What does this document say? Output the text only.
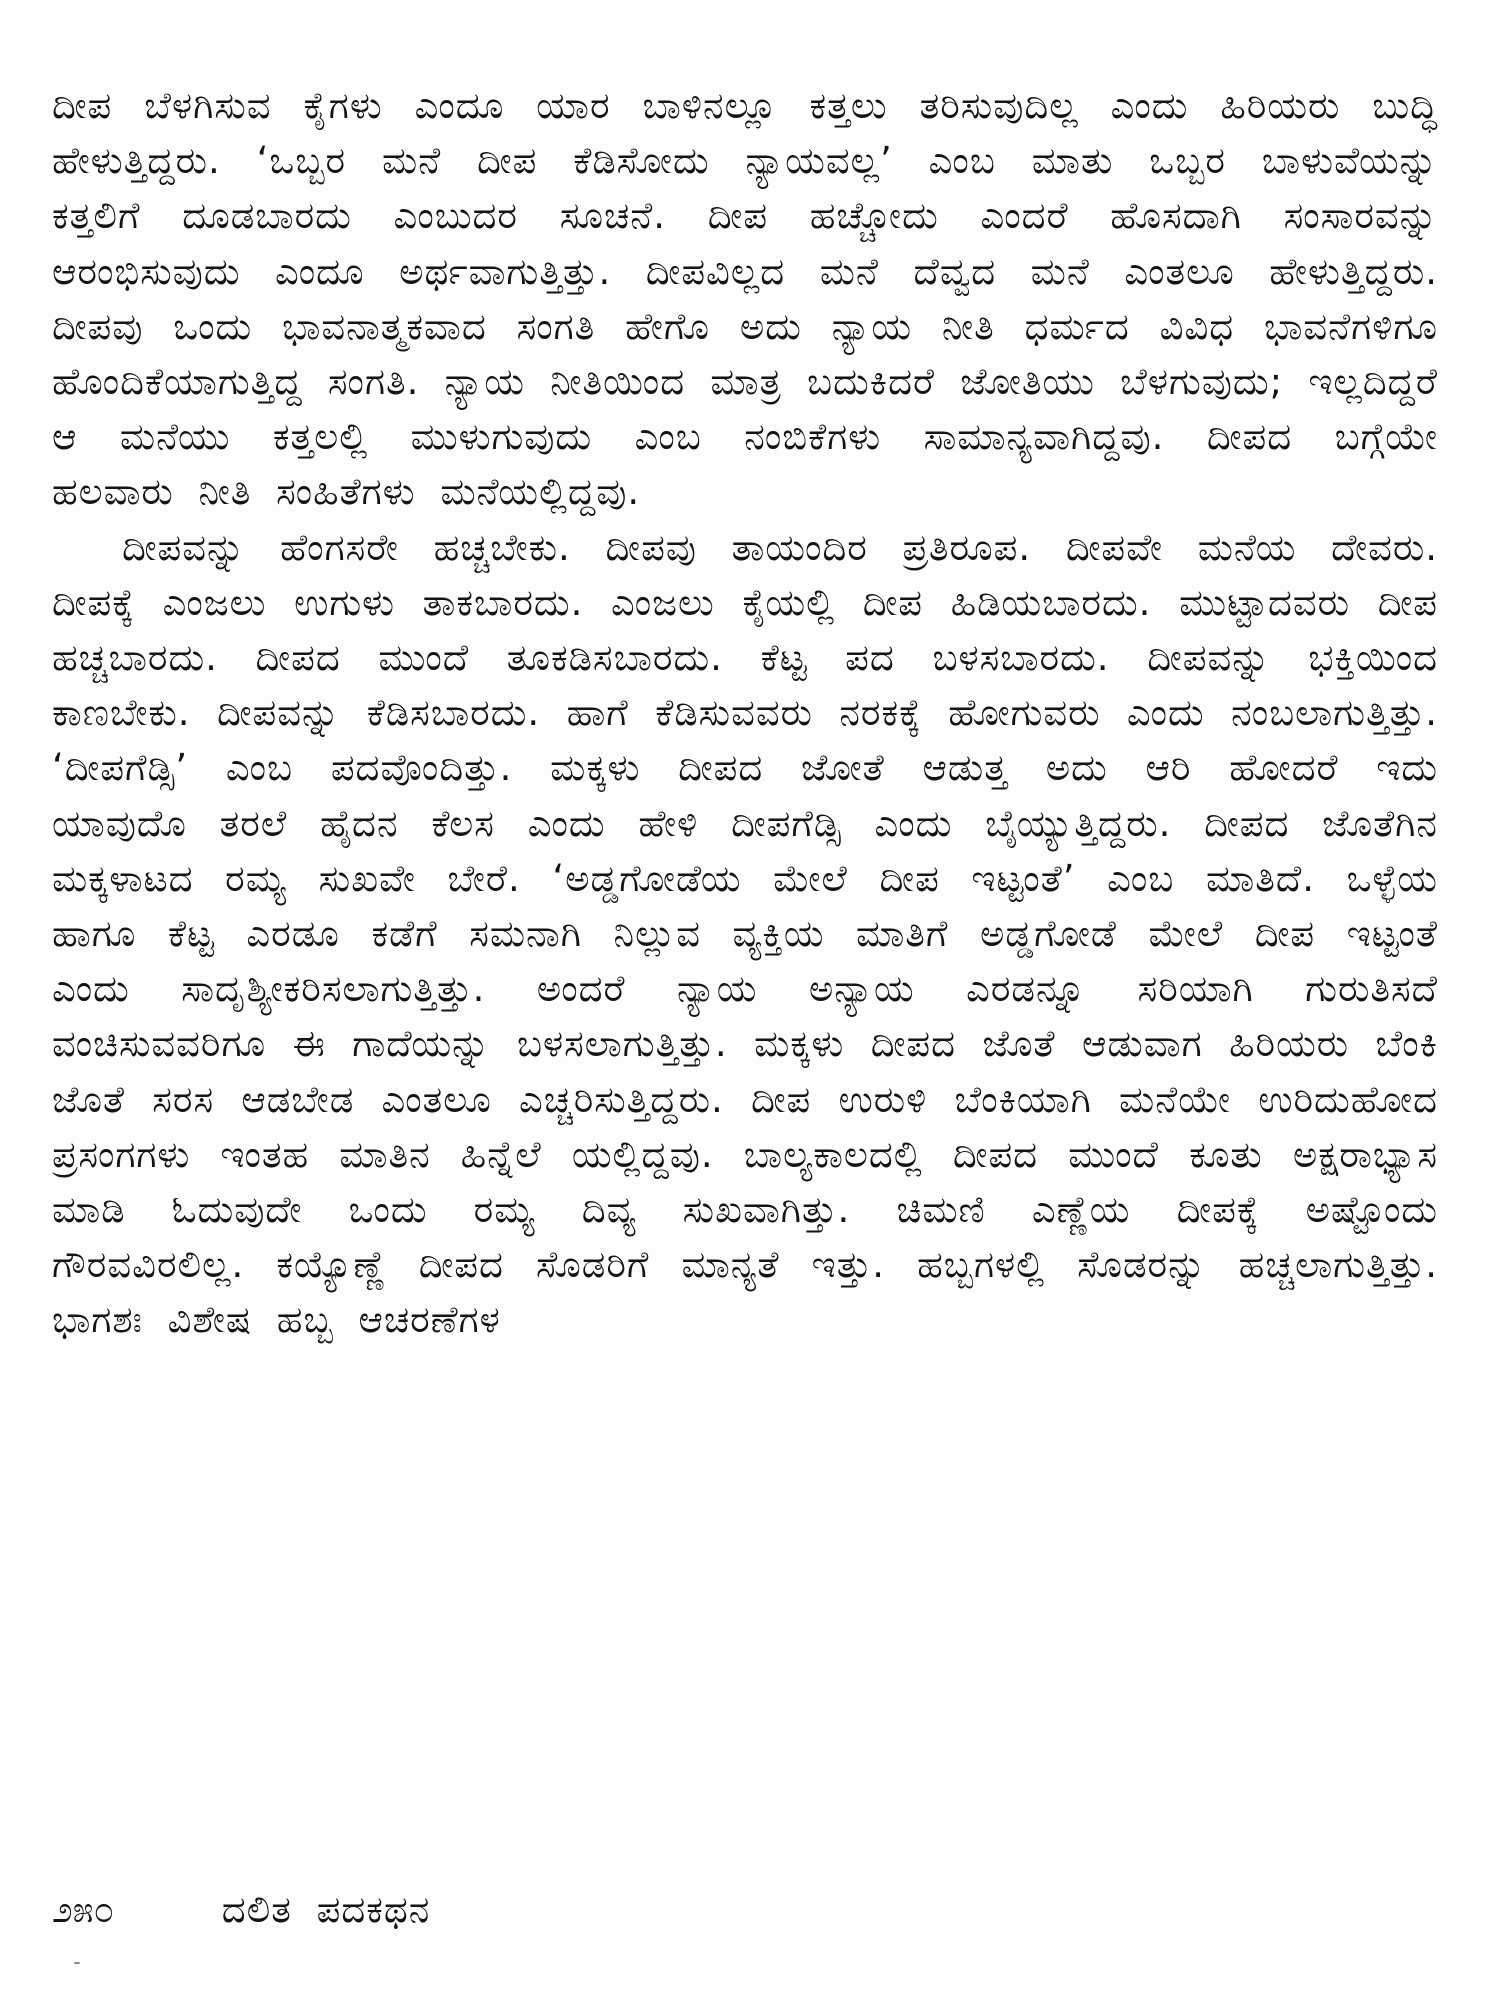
ದೀಪ ಬೆಳಗಿಸುವ ಕೈಗಳು ಎಂದೂ ಯಾರ ಬಾಳಿನಲ್ಲೂ ಕತ್ತಲು ತರಿಸುವುದಿಲ್ಲ ಎಂದು ಹಿರಿಯರು ಬುದ್ಧಿ ಹೇಳುತ್ತಿದ್ದರು. ‘ಒಬ್ಬರ ಮನೆ ದೀಪ ಕೆಡಿಸೋದು ನ್ಯಾಯವಲ್ಲ’ ಎಂಬ ಮಾತು ಒಬ್ಬರ ಬಾಳುವೆಯನ್ನು ಕತ್ತಲಿಗೆ ದೂಡಬಾರದು ಎಂಬುದರ ಸೂಚನೆ. ದೀಪ ಹಚ್ಚೋದು ಎಂದರೆ ಹೊಸದಾಗಿ ಸಂಸಾರವನ್ನು ಆರಂಭಿಸುವುದು ಎಂದೂ ಅರ್ಥವಾಗುತ್ತಿತ್ತು. ದೀಪವಿಲ್ಲದ ಮನೆ ದೆವ್ವದ ಮನೆ ಎಂತಲೂ ಹೇಳುತ್ತಿದ್ದರು. ದೀಪವು ಒಂದು ಭಾವನಾತ್ಮಕವಾದ ಸಂಗತಿ ಹೇಗೊ ಅದು ನ್ಯಾಯ ನೀತಿ ಧರ್ಮದ ವಿವಿಧ ಭಾವನೆಗಳಿಗೂ ಹೊಂದಿಕೆಯಾಗುತ್ತಿದ್ದ ಸಂಗತಿ. ನ್ಯಾಯ ನೀತಿಯಿಂದ ಮಾತ್ರ ಬದುಕಿದರೆ ಜೋತಿಯು ಬೆಳಗುವುದು; ಇಲ್ಲದಿದ್ದರೆ ಆ ಮನೆಯು ಕತ್ತಲಲ್ಲಿ ಮುಳುಗುವುದು ಎಂಬ ನಂಬಿಕೆಗಳು ಸಾಮಾನ್ಯವಾಗಿದ್ದವು. ದೀಪದ ಬಗ್ಗೆಯೇ ಹಲವಾರು ನೀತಿ ಸಂಹಿತೆಗಳು ಮನೆಯಲ್ಲಿದ್ದವು.

ದೀಪವನ್ನು ಹೆಂಗಸರೇ ಹಚ್ಚಬೇಕು. ದೀಪವು ತಾಯಂದಿರ ಪ್ರತಿರೂಪ. ದೀಪವೇ ಮನೆಯ ದೇವರು. ದೀಪಕ್ಕೆ ಎಂಜಲು ಉಗುಳು ತಾಕಬಾರದು. ಎಂಜಲು ಕೈಯಲ್ಲಿ ದೀಪ ಹಿಡಿಯಬಾರದು. ಮುಟ್ಟಾದವರು ದೀಪ ಹಚ್ಚಬಾರದು. ದೀಪದ ಮುಂದೆ ತೂಕಡಿಸಬಾರದು. ಕೆಟ್ಟ ಪದ ಬಳಸಬಾರದು. ದೀಪವನ್ನು ಭಕ್ತಿಯಿಂದ ಕಾಣಬೇಕು. ದೀಪವನ್ನು ಕೆಡಿಸಬಾರದು. ಹಾಗೆ ಕೆಡಿಸುವವರು ನರಕಕ್ಕೆ ಹೋಗುವರು ಎಂದು ನಂಬಲಾಗುತ್ತಿತ್ತು. ‘ದೀಪಗೆಡ್ಸಿ’ ಎಂಬ ಪದವೊಂದಿತ್ತು. ಮಕ್ಕಳು ದೀಪದ ಜೋತೆ ಆಡುತ್ತ ಅದು ಆರಿ ಹೋದರೆ ಇದು ಯಾವುದೊ ತರಲೆ ಹೈದನ ಕೆಲಸ ಎಂದು ಹೇಳಿ ದೀಪಗೆಡ್ಸಿ ಎಂದು ಬೈಯ್ಯುತ್ತಿದ್ದರು. ದೀಪದ ಜೊತೆಗಿನ ಮಕ್ಕಳಾಟದ ರಮ್ಯ ಸುಖವೇ ಬೇರೆ. ‘ಅಡ್ಡಗೋಡೆಯ ಮೇಲೆ ದೀಪ ಇಟ್ಟಂತೆ’ ಎಂಬ ಮಾತಿದೆ. ಒಳ್ಳೆಯ ಹಾಗೂ ಕೆಟ್ಟ ಎರಡೂ ಕಡೆಗೆ ಸಮನಾಗಿ ನಿಲ್ಲುವ ವ್ಯಕ್ತಿಯ ಮಾತಿಗೆ ಅಡ್ಡಗೋಡೆ ಮೇಲೆ ದೀಪ ಇಟ್ಟಂತೆ ಎಂದು ಸಾದೃಶ್ಯೀಕರಿಸಲಾಗುತ್ತಿತ್ತು. ಅಂದರೆ ನ್ಯಾಯ ಅನ್ಯಾಯ ಎರಡನ್ನೂ ಸರಿಯಾಗಿ ಗುರುತಿಸದೆ ವಂಚಿಸುವವರಿಗೂ ಈ ಗಾದೆಯನ್ನು ಬಳಸಲಾಗುತ್ತಿತ್ತು. ಮಕ್ಕಳು ದೀಪದ ಜೊತೆ ಆಡುವಾಗ ಹಿರಿಯರು ಬೆಂಕಿ ಜೊತೆ ಸರಸ ಆಡಬೇಡ ಎಂತಲೂ ಎಚ್ಚರಿಸುತ್ತಿದ್ದರು. ದೀಪ ಉರುಳಿ ಬೆಂಕಿಯಾಗಿ ಮನೆಯೇ ಉರಿದುಹೋದ ಪ್ರಸಂಗಗಳು ಇಂತಹ ಮಾತಿನ ಹಿನ್ನೆಲೆ ಯಲ್ಲಿದ್ದವು. ಬಾಲ್ಯಕಾಲದಲ್ಲಿ ದೀಪದ ಮುಂದೆ ಕೂತು ಅಕ್ಷರಾಭ್ಯಾಸ ಮಾಡಿ ಓದುವುದೇ ಒಂದು ರಮ್ಯ ದಿವ್ಯ ಸುಖವಾಗಿತ್ತು. ಚಿಮಣಿ ಎಣ್ಣೆಯ ದೀಪಕ್ಕೆ ಅಷ್ಟೊಂದು ಗೌರವವಿರಲಿಲ್ಲ. ಕಯ್ಯೊಣ್ಣೆ ದೀಪದ ಸೊಡರಿಗೆ ಮಾನ್ಯತೆ ಇತ್ತು. ಹಬ್ಬಗಳಲ್ಲಿ ಸೊಡರನ್ನು ಹಚ್ಚಲಾಗುತ್ತಿತ್ತು. ಭಾಗಶಃ ವಿಶೇಷ ಹಬ್ಬ ಆಚರಣೆಗಳ

೨೫೦	ದಲಿತ ಪದಕಥನ
